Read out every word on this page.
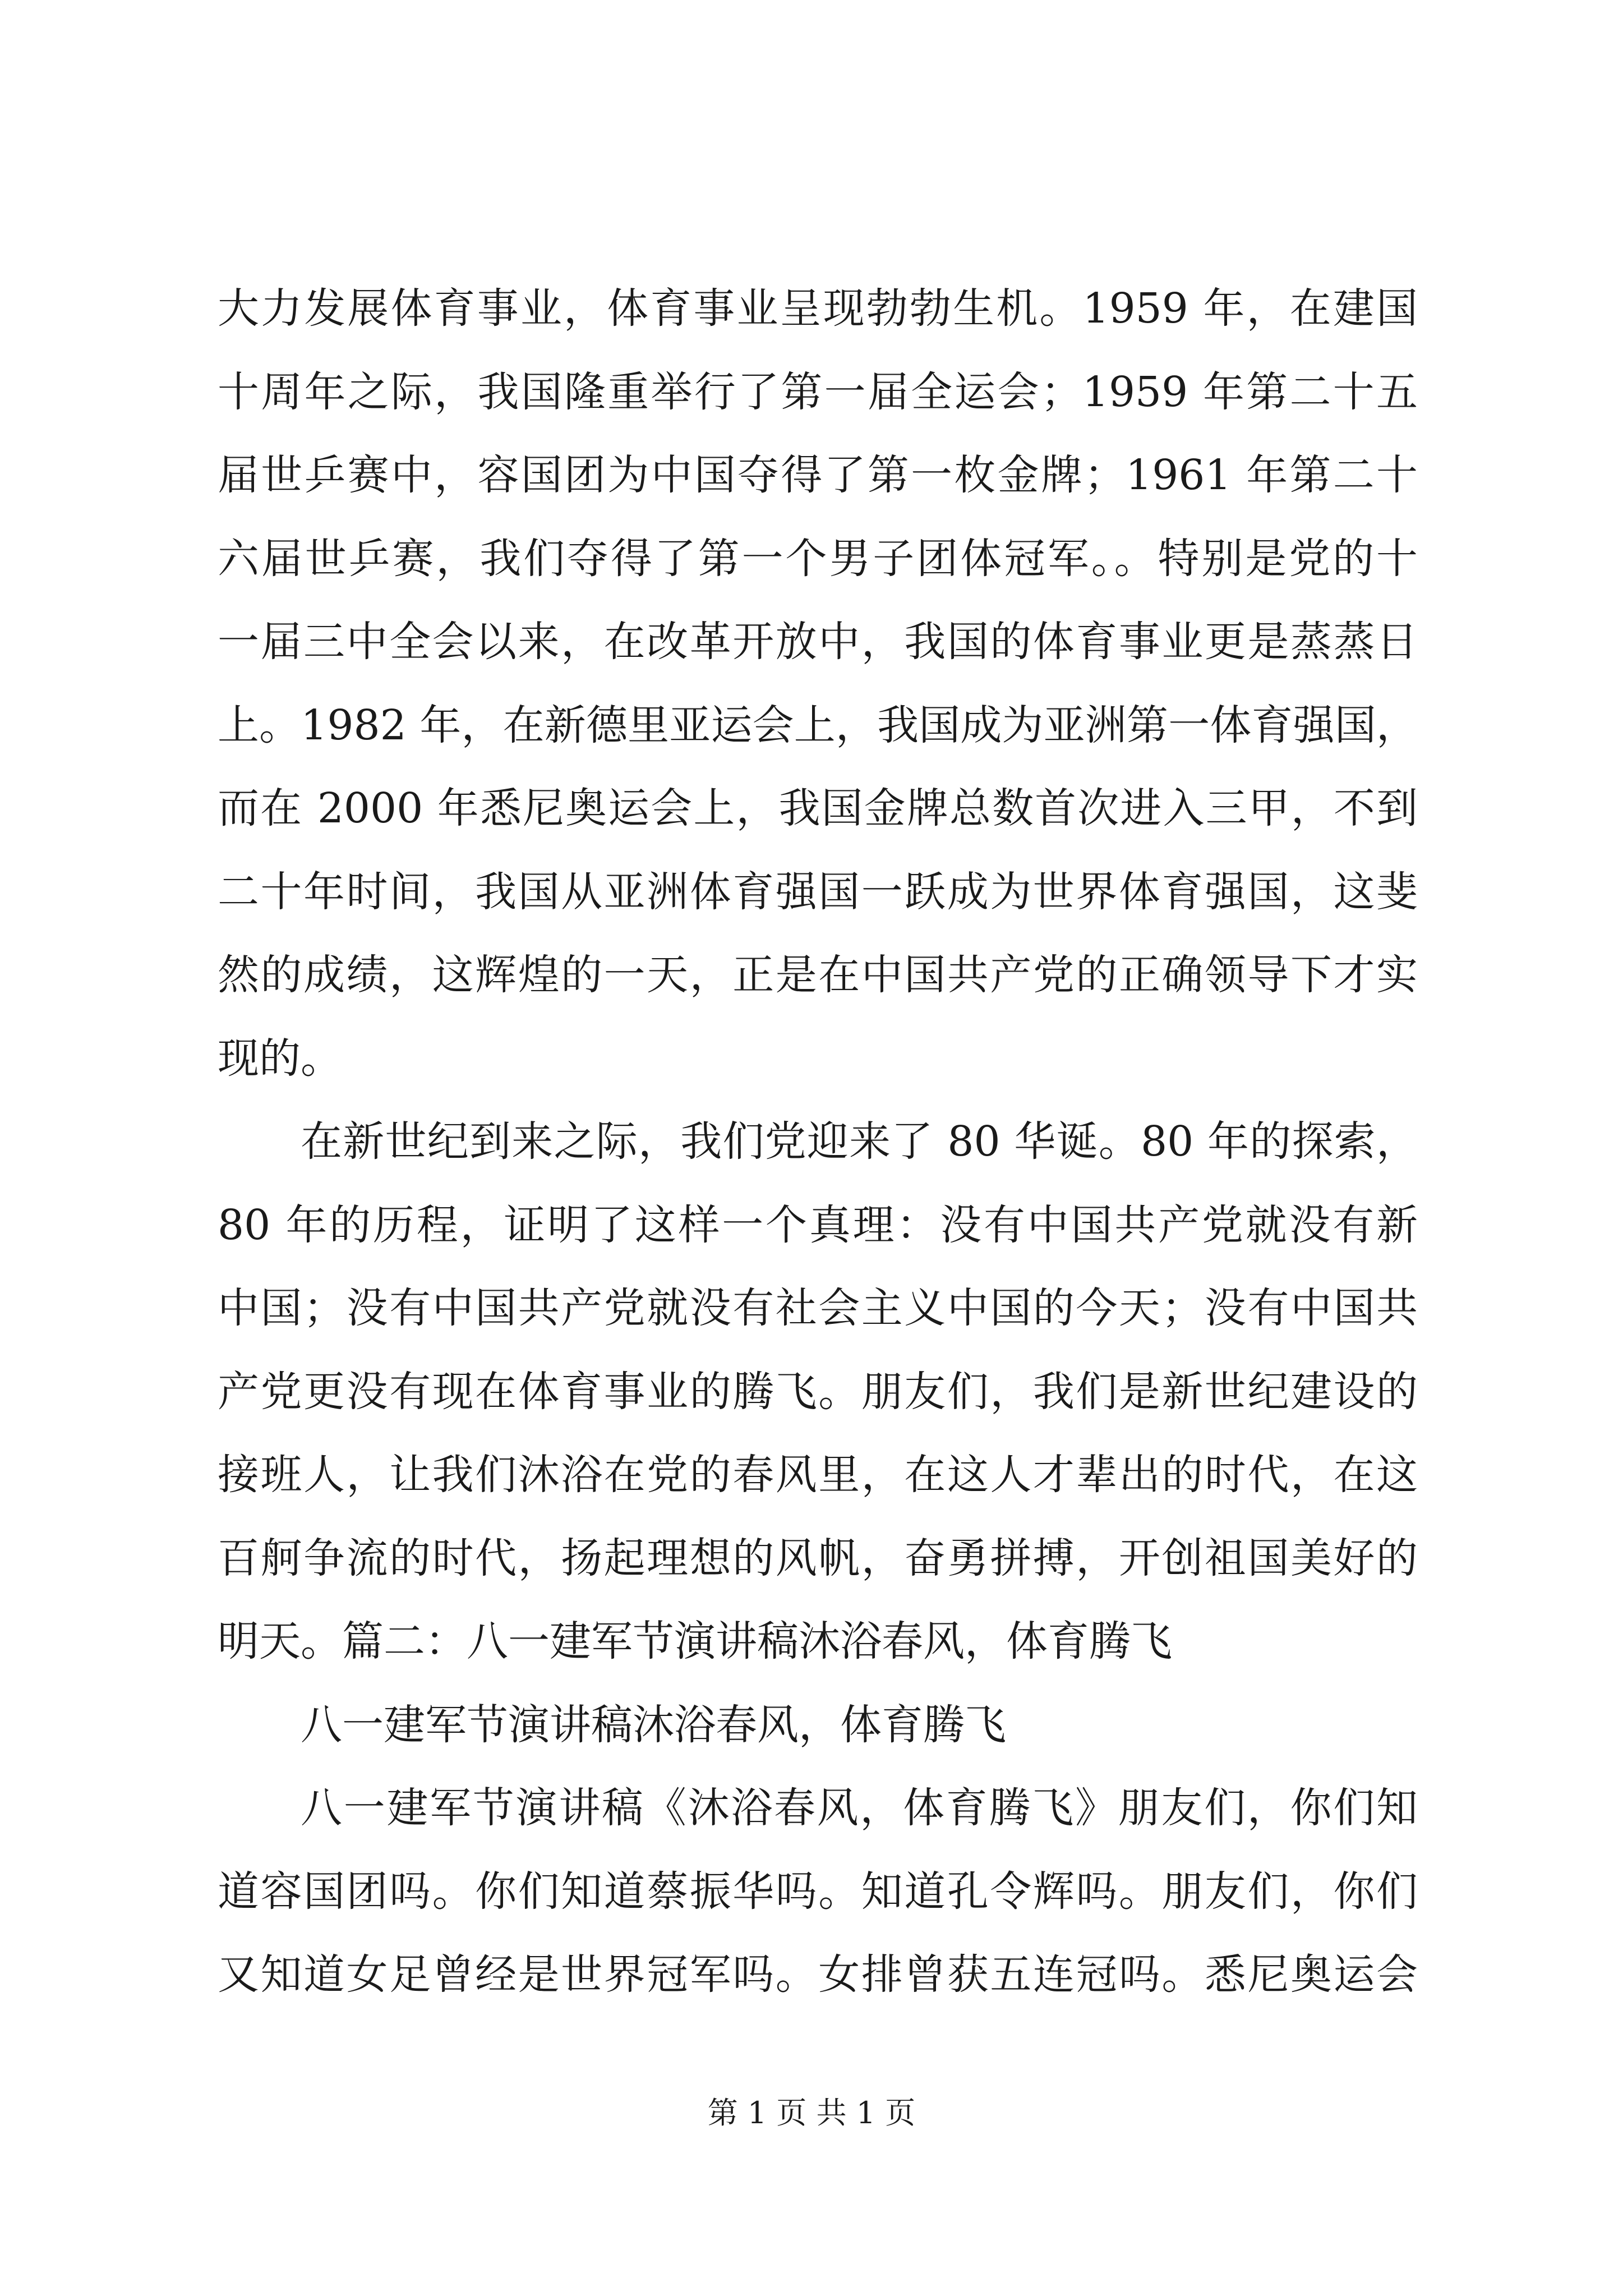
大力发展体育事业，体育事业呈现勃勃生机。1959 年，在建国
十周年之际，我国隆重举行了第一届全运会；1959 年第二十五
届世乒赛中，容国团为中国夺得了第一枚金牌；1961 年第二十
六届世乒赛，我们夺得了第一个男子团体冠军。。特别是党的十
一届三中全会以来，在改革开放中，我国的体育事业更是蒸蒸日
上。1982 年，在新德里亚运会上，我国成为亚洲第一体育强国，
而在 2000 年悉尼奥运会上，我国金牌总数首次进入三甲，不到
二十年时间，我国从亚洲体育强国一跃成为世界体育强国，这斐
然的成绩，这辉煌的一天，正是在中国共产党的正确领导下才实
现的。
在新世纪到来之际，我们党迎来了 80 华诞。80 年的探索，
80 年的历程，证明了这样一个真理：没有中国共产党就没有新
中国；没有中国共产党就没有社会主义中国的今天；没有中国共
产党更没有现在体育事业的腾飞。朋友们，我们是新世纪建设的
接班人，让我们沐浴在党的春风里，在这人才辈出的时代，在这
百舸争流的时代，扬起理想的风帆，奋勇拼搏，开创祖国美好的
明天。篇二：八一建军节演讲稿沐浴春风，体育腾飞
八一建军节演讲稿沐浴春风，体育腾飞
八一建军节演讲稿《沐浴春风，体育腾飞》朋友们，你们知
道容国团吗。你们知道蔡振华吗。知道孔令辉吗。朋友们，你们
又知道女足曾经是世界冠军吗。女排曾获五连冠吗。悉尼奥运会
第 1 页 共 1 页
